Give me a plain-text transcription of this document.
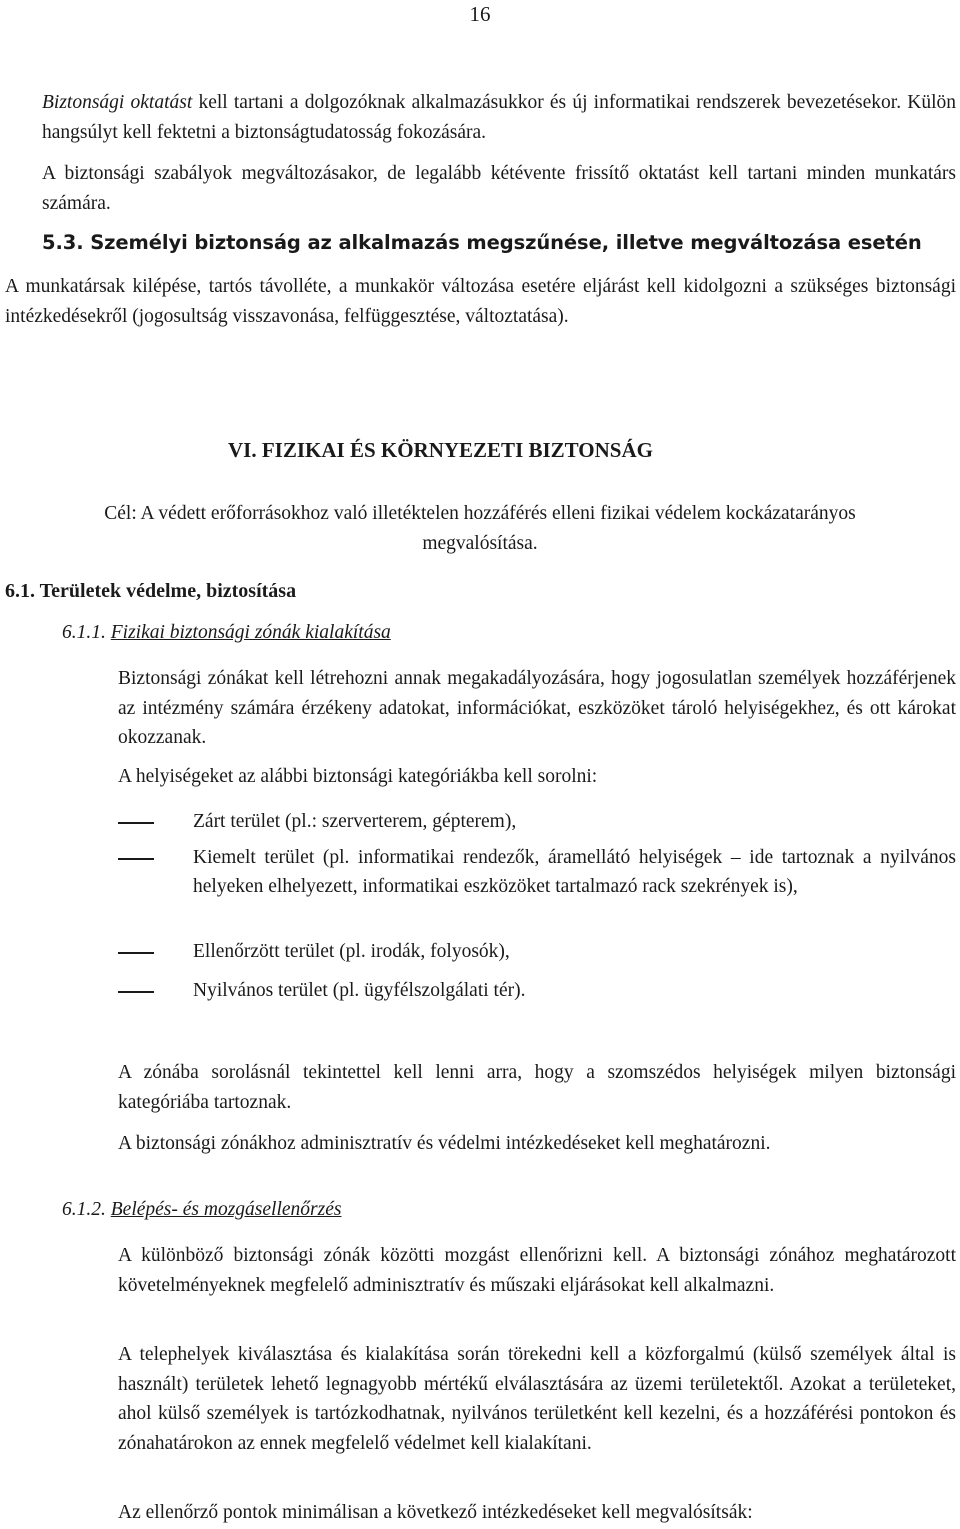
16
Biztonsági oktatást kell tartani a dolgozóknak alkalmazásukkor és új informatikai rendszerek bevezetésekor. Külön hangsúlyt kell fektetni a biztonságtudatosság fokozására.
A biztonsági szabályok megváltozásakor, de legalább kétévente frissítő oktatást kell tartani minden munkatárs számára.
5.3. Személyi biztonság az alkalmazás megszűnése, illetve megváltozása esetén
A munkatársak kilépése, tartós távolléte, a munkakör változása esetére eljárást kell kidolgozni a szükséges biztonsági intézkedésekről (jogosultság visszavonása, felfüggesztése, változtatása).
VI. FIZIKAI ÉS KÖRNYEZETI BIZTONSÁG
Cél: A védett erőforrásokhoz való illetéktelen hozzáférés elleni fizikai védelem kockázatarányos megvalósítása.
6.1. Területek védelme, biztosítása
6.1.1. Fizikai biztonsági zónák kialakítása
Biztonsági zónákat kell létrehozni annak megakadályozására, hogy jogosulatlan személyek hozzáférjenek az intézmény számára érzékeny adatokat, információkat, eszközöket tároló helyiségekhez, és ott károkat okozzanak.
A helyiségeket az alábbi biztonsági kategóriákba kell sorolni:
Zárt terület (pl.: szerverterem, gépterem),
Kiemelt terület (pl. informatikai rendezők, áramellátó helyiségek – ide tartoznak a nyilvános helyeken elhelyezett, informatikai eszközöket tartalmazó rack szekrények is),
Ellenőrzött terület (pl. irodák, folyosók),
Nyilvános terület (pl. ügyfélszolgálati tér).
A zónába sorolásnál tekintettel kell lenni arra, hogy a szomszédos helyiségek milyen biztonsági kategóriába tartoznak.
A biztonsági zónákhoz adminisztratív és védelmi intézkedéseket kell meghatározni.
6.1.2. Belépés- és mozgásellenőrzés
A különböző biztonsági zónák közötti mozgást ellenőrizni kell. A biztonsági zónához meghatározott követelményeknek megfelelő adminisztratív és műszaki eljárásokat kell alkalmazni.
A telephelyek kiválasztása és kialakítása során törekedni kell a közforgalmú (külső személyek által is használt) területek lehető legnagyobb mértékű elválasztására az üzemi területektől. Azokat a területeket, ahol külső személyek is tartózkodhatnak, nyilvános területként kell kezelni, és a hozzáférési pontokon és zónahatárokon az ennek megfelelő védelmet kell kialakítani.
Az ellenőrző pontok minimálisan a következő intézkedéseket kell megvalósítsák:
